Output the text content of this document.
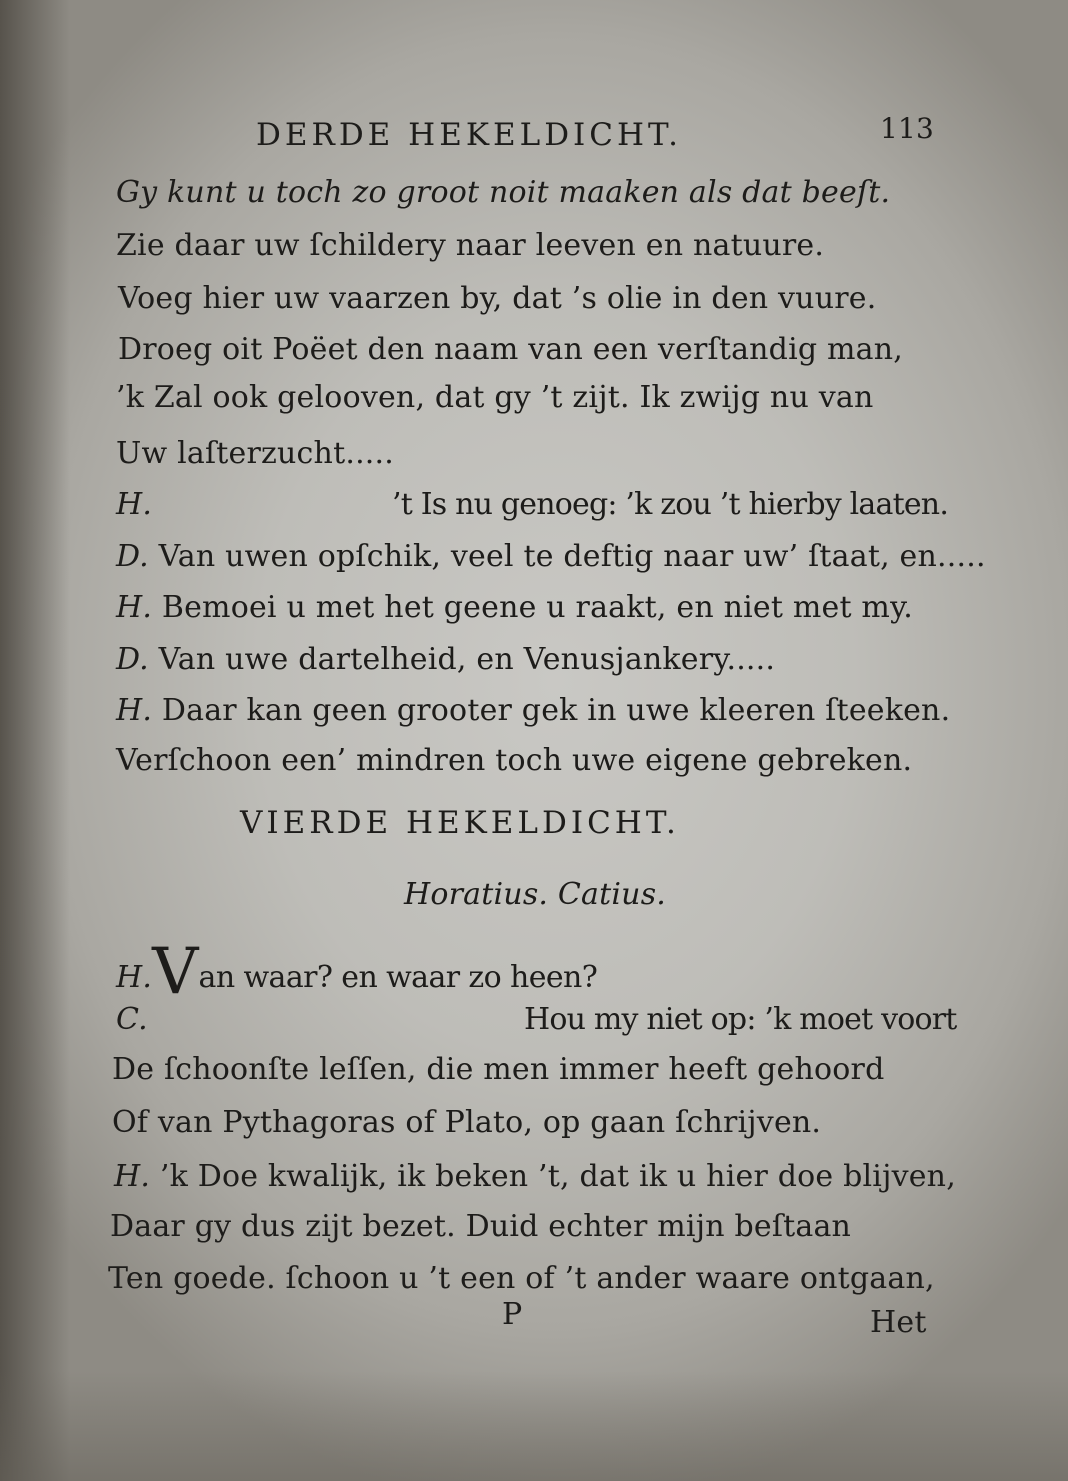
DERDE HEKELDICHT.	113
Gy kunt u toch zo groot noit maaken als dat beeſt.
Zie daar uw ſchildery naar leeven en natuure.
Voeg hier uw vaarzen by, dat ’s olie in den vuure.
Droeg oit Poëet den naam van een verſtandig man,
’k Zal ook gelooven, dat gy ’t zijt. Ik zwijg nu van
Uw laſterzucht.....
H.	’t Is nu genoeg: ’k zou ’t hierby laaten.
D. Van uwen opſchik, veel te deftig naar uw’ ſtaat, en.....
H. Bemoei u met het geene u raakt, en niet met my.
D. Van uwe dartelheid, en Venusjankery.....
H. Daar kan geen grooter gek in uwe kleeren ſteeken.
Verſchoon een’ mindren toch uwe eigene gebreken.
VIERDE HEKELDICHT.
Horatius. Catius.
H.Van waar? en waar zo heen?
C.	Hou my niet op: ’k moet voort
De ſchoonſte leſſen, die men immer heeft gehoord
Of van Pythagoras of Plato, op gaan ſchrijven.
H. ’k Doe kwalijk, ik beken ’t, dat ik u hier doe blijven,
Daar gy dus zijt bezet. Duid echter mijn beſtaan
Ten goede. ſchoon u ’t een of ’t ander waare ontgaan,
P	Het
